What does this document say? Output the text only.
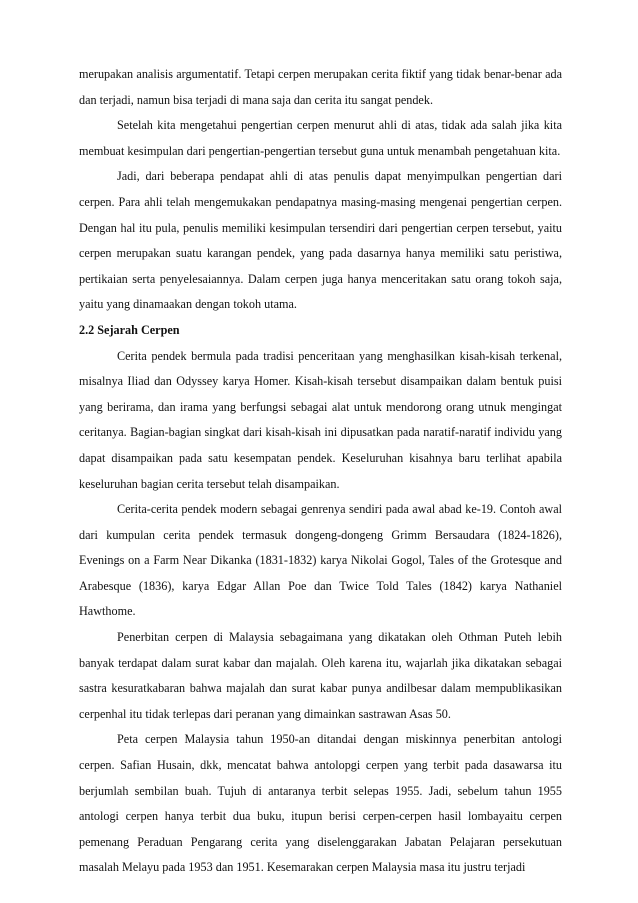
merupakan analisis argumentatif. Tetapi cerpen merupakan cerita fiktif yang tidak benar-benar ada dan terjadi, namun bisa terjadi di mana saja dan cerita itu sangat pendek.

Setelah kita mengetahui pengertian cerpen menurut ahli di atas, tidak ada salah jika kita membuat kesimpulan dari pengertian-pengertian tersebut guna untuk menambah pengetahuan kita.

Jadi, dari beberapa pendapat ahli di atas penulis dapat menyimpulkan pengertian dari cerpen. Para ahli telah mengemukakan pendapatnya masing-masing mengenai pengertian cerpen. Dengan hal itu pula, penulis memiliki kesimpulan tersendiri dari pengertian cerpen tersebut, yaitu cerpen merupakan suatu karangan pendek, yang pada dasarnya hanya memiliki satu peristiwa, pertikaian serta penyelesaiannya. Dalam cerpen juga hanya menceritakan satu orang tokoh saja, yaitu yang dinamaakan dengan tokoh utama.

2.2 Sejarah Cerpen

Cerita pendek bermula pada tradisi penceritaan yang menghasilkan kisah-kisah terkenal, misalnya Iliad dan Odyssey karya Homer. Kisah-kisah tersebut disampaikan dalam bentuk puisi yang berirama, dan irama yang berfungsi sebagai alat untuk mendorong orang utnuk mengingat ceritanya. Bagian-bagian singkat dari kisah-kisah ini dipusatkan pada naratif-naratif individu yang dapat disampaikan pada satu kesempatan pendek. Keseluruhan kisahnya baru terlihat apabila keseluruhan bagian cerita tersebut telah disampaikan.

Cerita-cerita pendek modern sebagai genrenya sendiri pada awal abad ke-19. Contoh awal dari kumpulan cerita pendek termasuk dongeng-dongeng Grimm Bersaudara (1824-1826), Evenings on a Farm Near Dikanka (1831-1832) karya Nikolai Gogol, Tales of the Grotesque and Arabesque (1836), karya Edgar Allan Poe dan Twice Told Tales (1842) karya Nathaniel Hawthome.

Penerbitan cerpen di Malaysia sebagaimana yang dikatakan oleh Othman Puteh lebih banyak terdapat dalam surat kabar dan majalah. Oleh karena itu, wajarlah jika dikatakan sebagai sastra kesuratkabaran bahwa majalah dan surat kabar punya andilbesar dalam mempublikasikan cerpenhal itu tidak terlepas dari peranan yang dimainkan sastrawan Asas 50.

Peta cerpen Malaysia tahun 1950-an ditandai dengan miskinnya penerbitan antologi cerpen. Safian Husain, dkk, mencatat bahwa antolopgi cerpen yang terbit pada dasawarsa itu berjumlah sembilan buah. Tujuh di antaranya terbit selepas 1955. Jadi, sebelum tahun 1955 antologi cerpen hanya terbit dua buku, itupun berisi cerpen-cerpen hasil lombayaitu cerpen pemenang Peraduan Pengarang cerita yang diselenggarakan Jabatan Pelajaran persekutuan masalah Melayu pada 1953 dan 1951. Kesemarakan cerpen Malaysia masa itu justru terjadi
